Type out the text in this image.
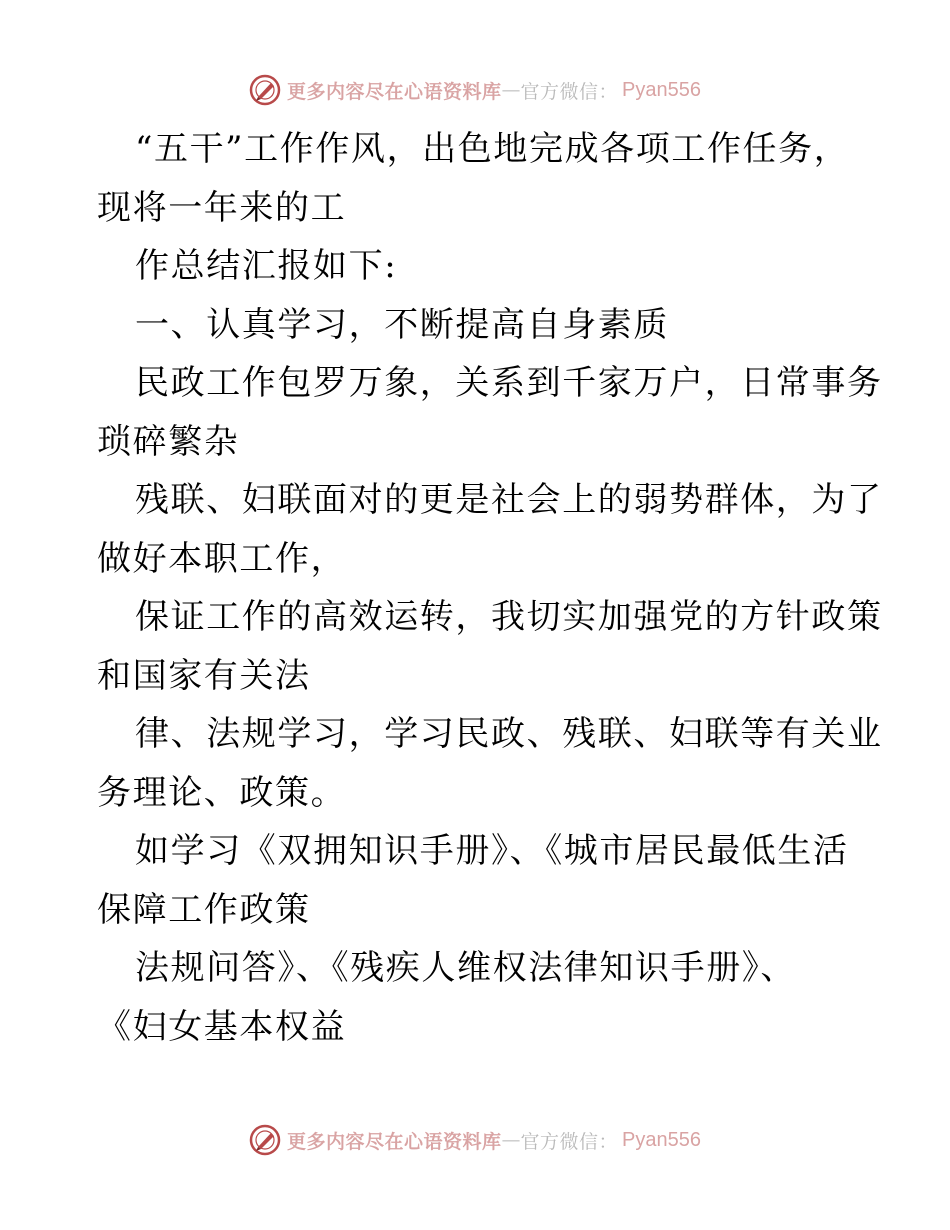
更多内容尽在心语资料库 — 官方微信： Pyan556
“五干”工作作风，出色地完成各项工作任务，
现将一年来的工
作总结汇报如下:
一、认真学习，不断提高自身素质
民政工作包罗万象，关系到千家万户，日常事务
琐碎繁杂
残联、妇联面对的更是社会上的弱势群体，为了
做好本职工作，
保证工作的高效运转，我切实加强党的方针政策
和国家有关法
律、法规学习，学习民政、残联、妇联等有关业
务理论、政策。
如学习《双拥知识手册》、《城市居民最低生活
保障工作政策
法规问答》、《残疾人维权法律知识手册》、
《妇女基本权益
更多内容尽在心语资料库 — 官方微信： Pyan556
